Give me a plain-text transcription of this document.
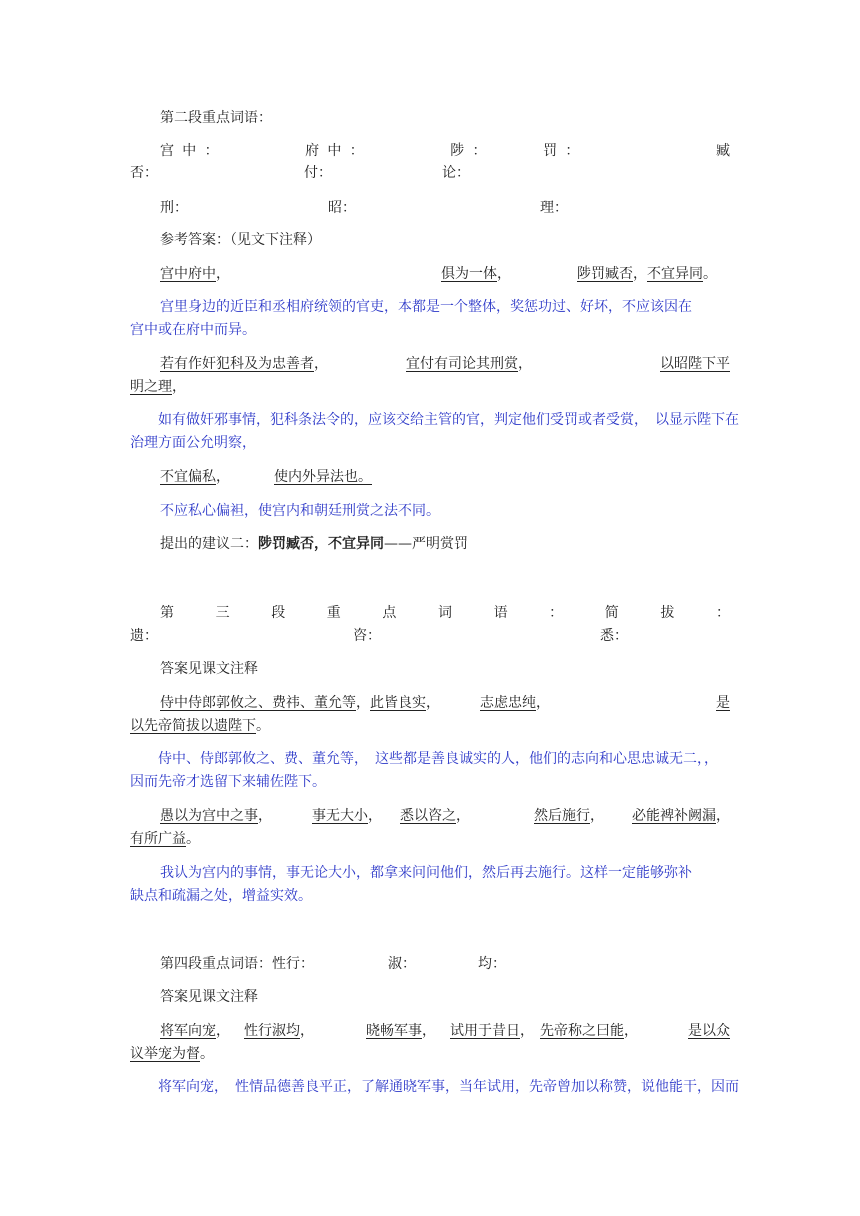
第二段重点词语：
宫 中 ：	府 中 ：	陟 ：	罚 ：	臧
否：	付：	论：
刑：	昭：	理：
参考答案：（见文下注释）
宫中府中，	俱为一体，	陟罚臧否，不宜异同。
宫里身边的近臣和丞相府统领的官吏，本都是一个整体，奖惩功过、好坏，不应该因在
宫中或在府中而异。
若有作奸犯科及为忠善者，	宜付有司论其刑赏，	以昭陛下平
明之理，
如有做奸邪事情，犯科条法令的，应该交给主管的官，判定他们受罚或者受赏，　以显示陛下在
治理方面公允明察，
不宜偏私，	使内外异法也。
不应私心偏袒，使宫内和朝廷刑赏之法不同。
提出的建议二：陟罚臧否，不宜异同——严明赏罚
第	三	段	重	点	词	语	：	简	拔	：
遗：	咨：	悉：
答案见课文注释
侍中侍郎郭攸之、费祎、董允等，此皆良实，	志虑忠纯，	是
以先帝简拔以遗陛下。
侍中、侍郎郭攸之、费、董允等，　这些都是善良诚实的人，他们的志向和心思忠诚无二，，
因而先帝才选留下来辅佐陛下。
愚以为宫中之事，	事无大小， 悉以咨之，	然后施行， 必能裨补阙漏，
有所广益。
我认为宫内的事情，事无论大小，都拿来问问他们，然后再去施行。这样一定能够弥补
缺点和疏漏之处，增益实效。
第四段重点词语：性行：	淑：	均：
答案见课文注释
将军向宠， 性行淑均，	晓畅军事， 试用于昔日， 先帝称之曰能，	是以众
议举宠为督。
将军向宠，　性情品德善良平正，了解通晓军事，当年试用，先帝曾加以称赞，说他能干，因而
